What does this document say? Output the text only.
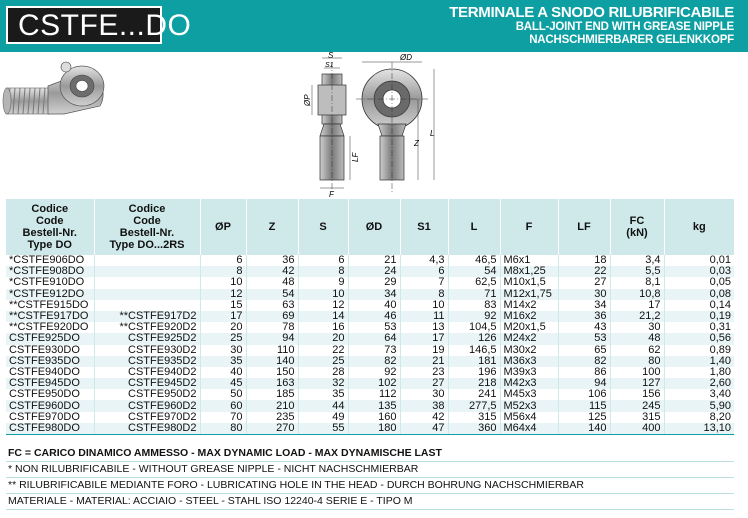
CSTFE...DO	TERMINALE A SNODO RILUBRIFICABILE
BALL-JOINT END WITH GREASE NIPPLE
NACHSCHMIERBARER GELENKKOPF
S
S1
ØP
LF
F
ØD
Z
L
Codice
Code
Bestell-Nr.
Type DO	Codice
Code
Bestell-Nr.
Type DO...2RS	ØP	Z	S	ØD	S1	L	F	LF	FC
(kN)	kg
*CSTFE906DO		6	36	6	21	4,3	46,5	M6x1	18	3,4	0,01
*CSTFE908DO		8	42	8	24	6	54	M8x1,25	22	5,5	0,03
*CSTFE910DO		10	48	9	29	7	62,5	M10x1,5	27	8,1	0,05
*CSTFE912DO		12	54	10	34	8	71	M12x1,75	30	10,8	0,08
**CSTFE915DO		15	63	12	40	10	83	M14x2	34	17	0,14
**CSTFE917DO	**CSTFE917D2	17	69	14	46	11	92	M16x2	36	21,2	0,19
**CSTFE920DO	**CSTFE920D2	20	78	16	53	13	104,5	M20x1,5	43	30	0,31
CSTFE925DO	CSTFE925D2	25	94	20	64	17	126	M24x2	53	48	0,56
CSTFE930DO	CSTFE930D2	30	110	22	73	19	146,5	M30x2	65	62	0,89
CSTFE935DO	CSTFE935D2	35	140	25	82	21	181	M36x3	82	80	1,40
CSTFE940DO	CSTFE940D2	40	150	28	92	23	196	M39x3	86	100	1,80
CSTFE945DO	CSTFE945D2	45	163	32	102	27	218	M42x3	94	127	2,60
CSTFE950DO	CSTFE950D2	50	185	35	112	30	241	M45x3	106	156	3,40
CSTFE960DO	CSTFE960D2	60	210	44	135	38	277,5	M52x3	115	245	5,90
CSTFE970DO	CSTFE970D2	70	235	49	160	42	315	M56x4	125	315	8,20
CSTFE980DO	CSTFE980D2	80	270	55	180	47	360	M64x4	140	400	13,10
FC = CARICO DINAMICO AMMESSO - MAX DYNAMIC LOAD - MAX DYNAMISCHE LAST
* NON RILUBRIFICABILE - WITHOUT GREASE NIPPLE - NICHT NACHSCHMIERBAR
** RILUBRIFICABILE MEDIANTE FORO - LUBRICATING HOLE IN THE HEAD - DURCH BOHRUNG NACHSCHMIERBAR
MATERIALE - MATERIAL: ACCIAIO - STEEL - STAHL ISO 12240-4 SERIE E - TIPO M
